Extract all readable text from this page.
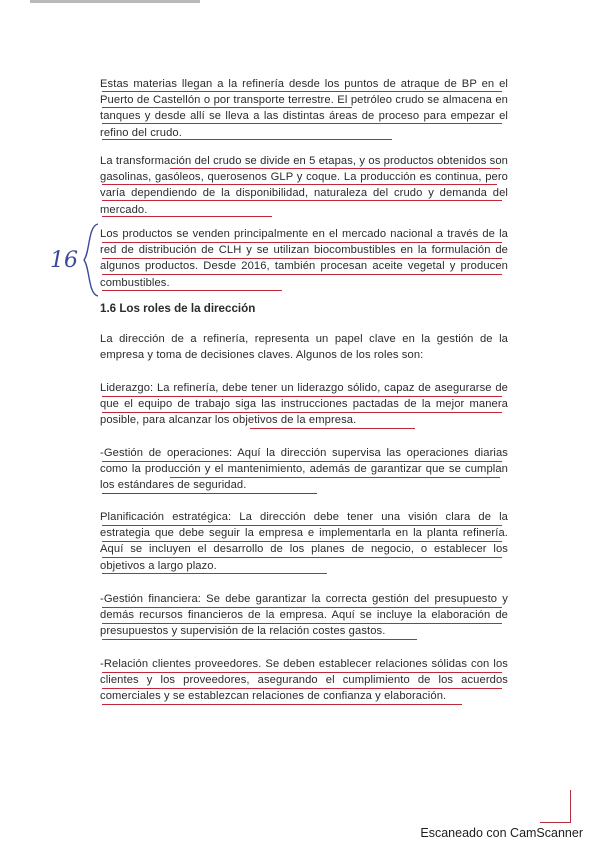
Estas materias llegan a la refinería desde los puntos de atraque de BP en el Puerto de Castellón o por transporte terrestre. El petróleo crudo se almacena en tanques y desde allí se lleva a las distintas áreas de proceso para empezar el refino del crudo.

La transformación del crudo se divide en 5 etapas, y os productos obtenidos son gasolinas, gasóleos, querosenos GLP y coque. La producción es continua, pero varía dependiendo de la disponibilidad, naturaleza del crudo y demanda del mercado.

Los productos se venden principalmente en el mercado nacional a través de la red de distribución de CLH y se utilizan biocombustibles en la formulación de algunos productos. Desde 2016, también procesan aceite vegetal y producen combustibles.

16
1.6 Los roles de la dirección

La dirección de a refinería, representa un papel clave en la gestión de la empresa y toma de decisiones claves. Algunos de los roles son:

Liderazgo: La refinería, debe tener un liderazgo sólido, capaz de asegurarse de que el equipo de trabajo siga las instrucciones pactadas de la mejor manera posible, para alcanzar los objetivos de la empresa.

-Gestión de operaciones: Aquí la dirección supervisa las operaciones diarias como la producción y el mantenimiento, además de garantizar que se cumplan los estándares de seguridad.

Planificación estratégica: La dirección debe tener una visión clara de la estrategia que debe seguir la empresa e implementarla en la planta refinería. Aquí se incluyen el desarrollo de los planes de negocio, o establecer los objetivos a largo plazo.

-Gestión financiera: Se debe garantizar la correcta gestión del presupuesto y demás recursos financieros de la empresa. Aquí se incluye la elaboración de presupuestos y supervisión de la relación costes gastos.

-Relación clientes proveedores. Se deben establecer relaciones sólidas con los clientes y los proveedores, asegurando el cumplimiento de los acuerdos comerciales y se establezcan relaciones de confianza y elaboración.

Escaneado con CamScanner
